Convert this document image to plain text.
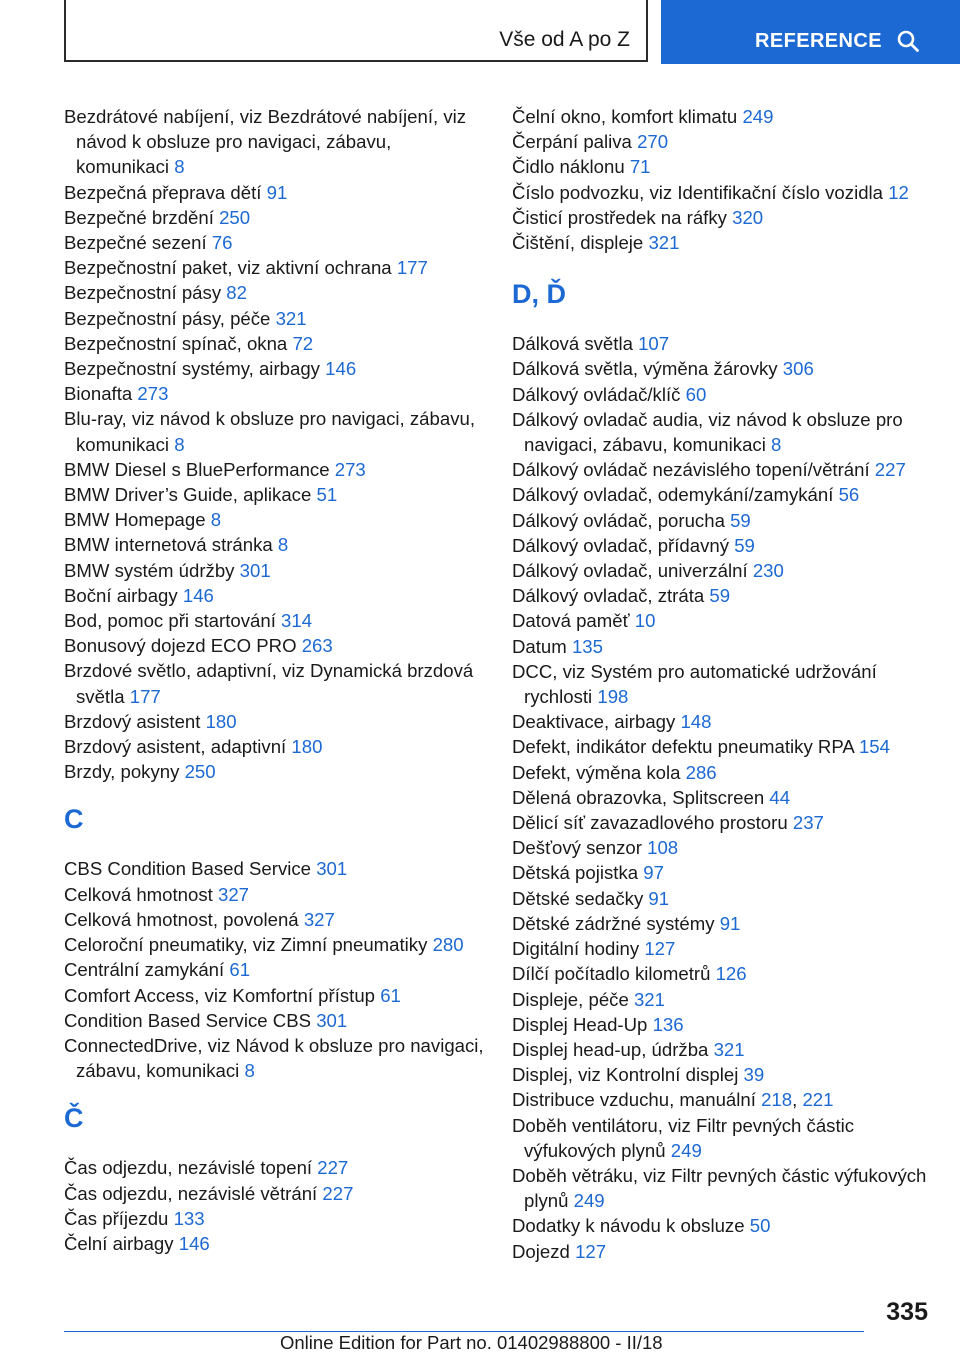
Vše od A po Z	REFERENCE
Bezdrátové nabíjení, viz Bezdrátové nabíjení, viz návod k obsluze pro navigaci, zábavu, komunikaci 8
Bezpečná přeprava dětí 91
Bezpečné brzdění 250
Bezpečné sezení 76
Bezpečnostní paket, viz aktivní ochrana 177
Bezpečnostní pásy 82
Bezpečnostní pásy, péče 321
Bezpečnostní spínač, okna 72
Bezpečnostní systémy, airbagy 146
Bionafta 273
Blu-ray, viz návod k obsluze pro navigaci, zábavu, komunikaci 8
BMW Diesel s BluePerformance 273
BMW Driver’s Guide, aplikace 51
BMW Homepage 8
BMW internetová stránka 8
BMW systém údržby 301
Boční airbagy 146
Bod, pomoc při startování 314
Bonusový dojezd ECO PRO 263
Brzdové světlo, adaptivní, viz Dynamická brzdová světla 177
Brzdový asistent 180
Brzdový asistent, adaptivní 180
Brzdy, pokyny 250
C
CBS Condition Based Service 301
Celková hmotnost 327
Celková hmotnost, povolená 327
Celoroční pneumatiky, viz Zimní pneumatiky 280
Centrální zamykání 61
Comfort Access, viz Komfortní přístup 61
Condition Based Service CBS 301
ConnectedDrive, viz Návod k obsluze pro navigaci, zábavu, komunikaci 8
Č
Čas odjezdu, nezávislé topení 227
Čas odjezdu, nezávislé větrání 227
Čas příjezdu 133
Čelní airbagy 146
Čelní okno, komfort klimatu 249
Čerpání paliva 270
Čidlo náklonu 71
Číslo podvozku, viz Identifikační číslo vozidla 12
Čisticí prostředek na ráfky 320
Čištění, displeje 321
D, Ď
Dálková světla 107
Dálková světla, výměna žárovky 306
Dálkový ovládač/klíč 60
Dálkový ovladač audia, viz návod k obsluze pro navigaci, zábavu, komunikaci 8
Dálkový ovládač nezávislého topení/větrání 227
Dálkový ovladač, odemykání/zamykání 56
Dálkový ovládač, porucha 59
Dálkový ovladač, přídavný 59
Dálkový ovladač, univerzální 230
Dálkový ovladač, ztráta 59
Datová paměť 10
Datum 135
DCC, viz Systém pro automatické udržování rychlosti 198
Deaktivace, airbagy 148
Defekt, indikátor defektu pneumatiky RPA 154
Defekt, výměna kola 286
Dělená obrazovka, Splitscreen 44
Dělicí síť zavazadlového prostoru 237
Dešťový senzor 108
Dětská pojistka 97
Dětské sedačky 91
Dětské zádržné systémy 91
Digitální hodiny 127
Dílčí počítadlo kilometrů 126
Displeje, péče 321
Displej Head-Up 136
Displej head-up, údržba 321
Displej, viz Kontrolní displej 39
Distribuce vzduchu, manuální 218, 221
Doběh ventilátoru, viz Filtr pevných částic výfukových plynů 249
Doběh větráku, viz Filtr pevných částic výfukových plynů 249
Dodatky k návodu k obsluze 50
Dojezd 127
335
Online Edition for Part no. 01402988800 - II/18
